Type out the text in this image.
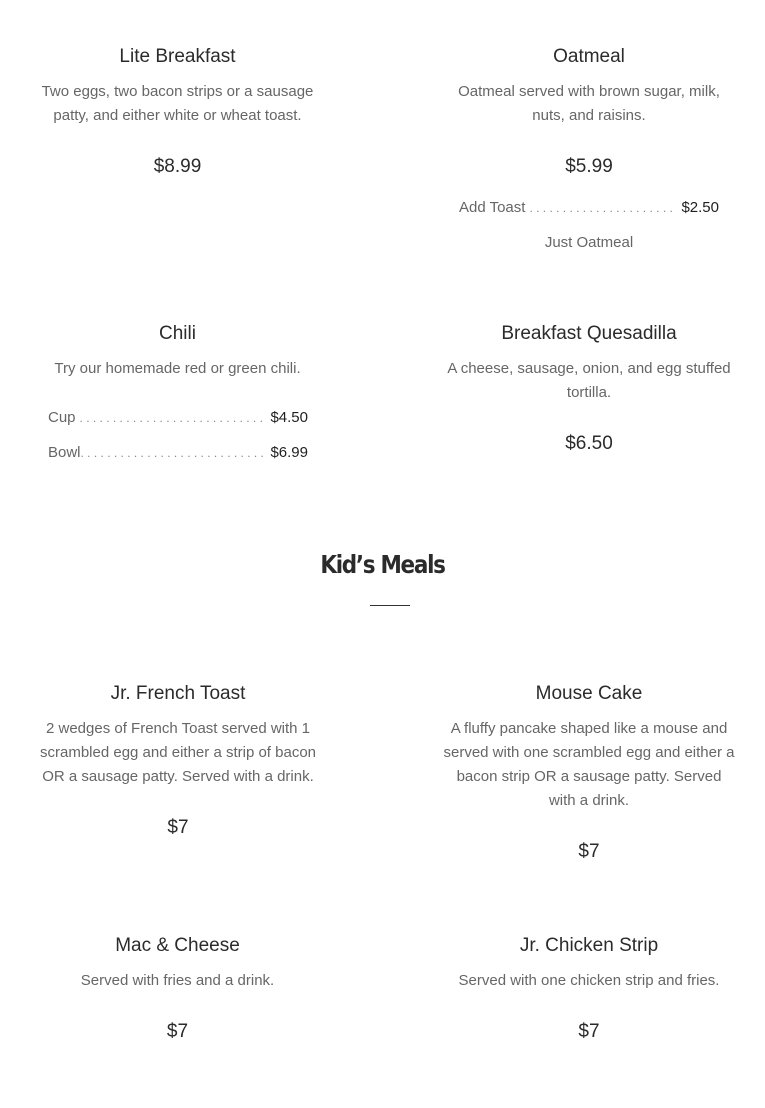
Lite Breakfast

Two eggs, two bacon strips or a sausage patty, and either white or wheat toast.

$8.99
Oatmeal

Oatmeal served with brown sugar, milk, nuts, and raisins.

$5.99
Add Toast . . .	$2.50
Just Oatmeal
Chili

Try our homemade red or green chili.

Cup . . .	$4.50
Bowl . . .	$6.99
Breakfast Quesadilla

A cheese, sausage, onion, and egg stuffed tortilla.

$6.50
Kid’s Meals
Jr. French Toast

2 wedges of French Toast served with 1 scrambled egg and either a strip of bacon OR a sausage patty. Served with a drink.

$7
Mouse Cake

A fluffy pancake shaped like a mouse and served with one scrambled egg and either a bacon strip OR a sausage patty. Served with a drink.

$7
Mac & Cheese

Served with fries and a drink.

$7
Jr. Chicken Strip

Served with one chicken strip and fries.

$7
